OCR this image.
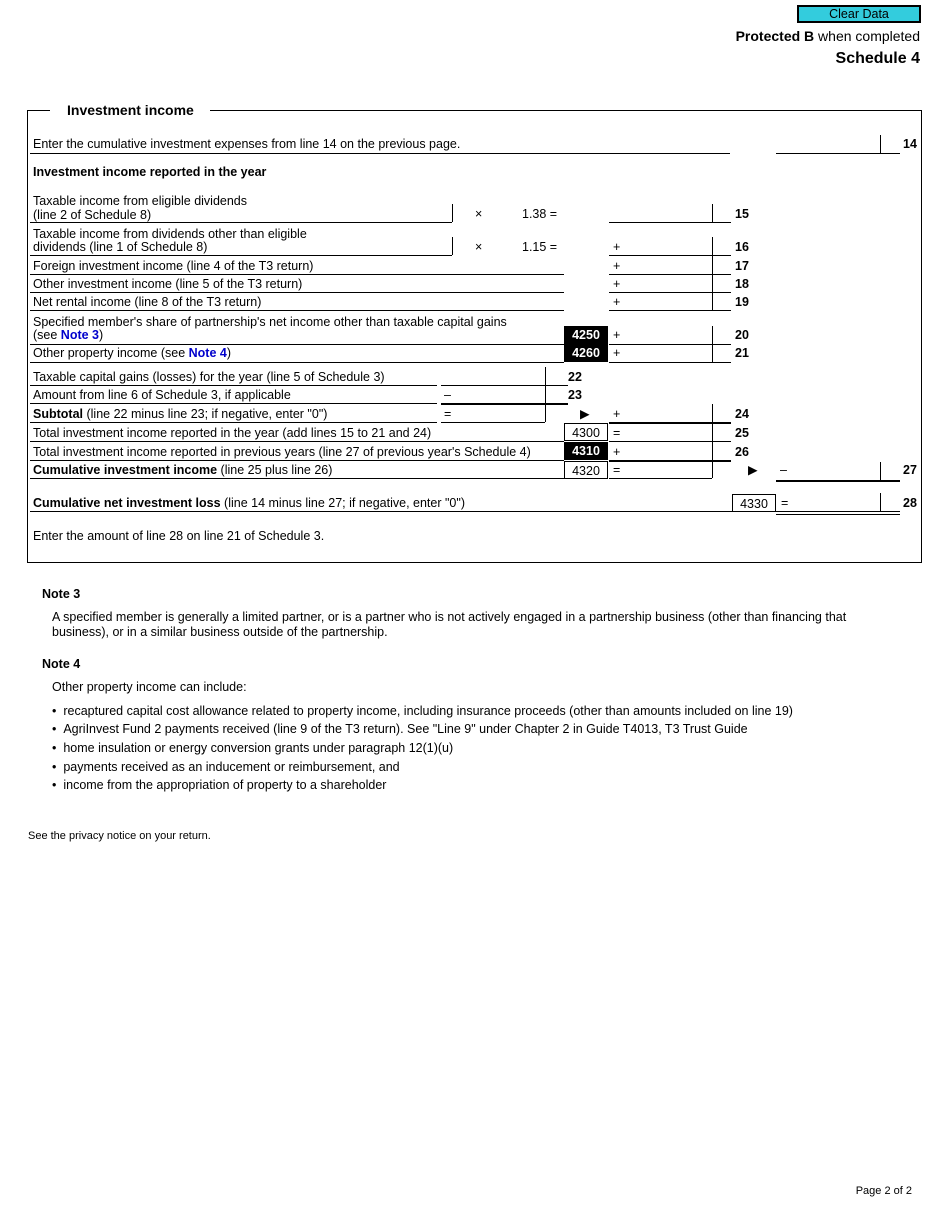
Clear Data
Protected B when completed
Schedule 4
Investment income
Enter the cumulative investment expenses from line 14 on the previous page.	14
Investment income reported in the year
Taxable income from eligible dividends
(line 2 of Schedule 8)	×	1.38 =	15
Taxable income from dividends other than eligible
dividends (line 1 of Schedule 8)	×	1.15 =	+	16
Foreign investment income (line 4 of the T3 return)	+	17
Other investment income (line 5 of the T3 return)	+	18
Net rental income (line 8 of the T3 return)	+	19
Specified member's share of partnership's net income other than taxable capital gains
(see Note 3)	4250	+	20
Other property income (see Note 4)	4260	+	21
Taxable capital gains (losses) for the year (line 5 of Schedule 3)	22
Amount from line 6 of Schedule 3, if applicable	–	23
Subtotal (line 22 minus line 23; if negative, enter "0")	=	▶ +	24
Total investment income reported in the year (add lines 15 to 21 and 24)	4300	=	25
Total investment income reported in previous years (line 27 of previous year's Schedule 4)	4310	+	26
Cumulative investment income (line 25 plus line 26)	4320	=	▶ –	27
Cumulative net investment loss (line 14 minus line 27; if negative, enter "0")	4330	=	28
Enter the amount of line 28 on line 21 of Schedule 3.
Note 3
A specified member is generally a limited partner, or is a partner who is not actively engaged in a partnership business (other than financing that
business), or in a similar business outside of the partnership.
Note 4
Other property income can include:
• recaptured capital cost allowance related to property income, including insurance proceeds (other than amounts included on line 19)
• AgriInvest Fund 2 payments received (line 9 of the T3 return). See "Line 9" under Chapter 2 in Guide T4013, T3 Trust Guide
• home insulation or energy conversion grants under paragraph 12(1)(u)
• payments received as an inducement or reimbursement, and
• income from the appropriation of property to a shareholder
See the privacy notice on your return.
Page 2 of 2
